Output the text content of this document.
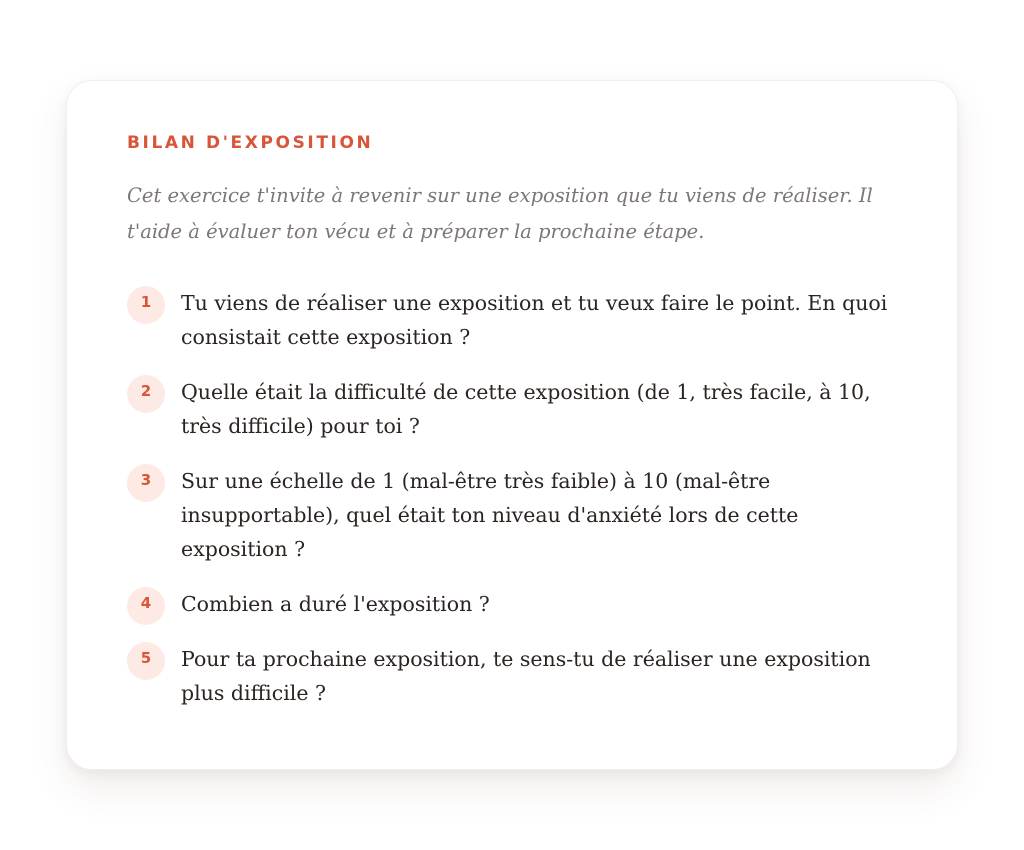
BILAN D'EXPOSITION

Cet exercice t'invite à revenir sur une exposition que tu viens de réaliser. Il t'aide à évaluer ton vécu et à préparer la prochaine étape.

1	Tu viens de réaliser une exposition et tu veux faire le point. En quoi consistait cette exposition ?
2	Quelle était la difficulté de cette exposition (de 1, très facile, à 10, très difficile) pour toi ?
3	Sur une échelle de 1 (mal-être très faible) à 10 (mal-être insupportable), quel était ton niveau d'anxiété lors de cette exposition ?
4	Combien a duré l'exposition ?
5	Pour ta prochaine exposition, te sens-tu de réaliser une exposition plus difficile ?
